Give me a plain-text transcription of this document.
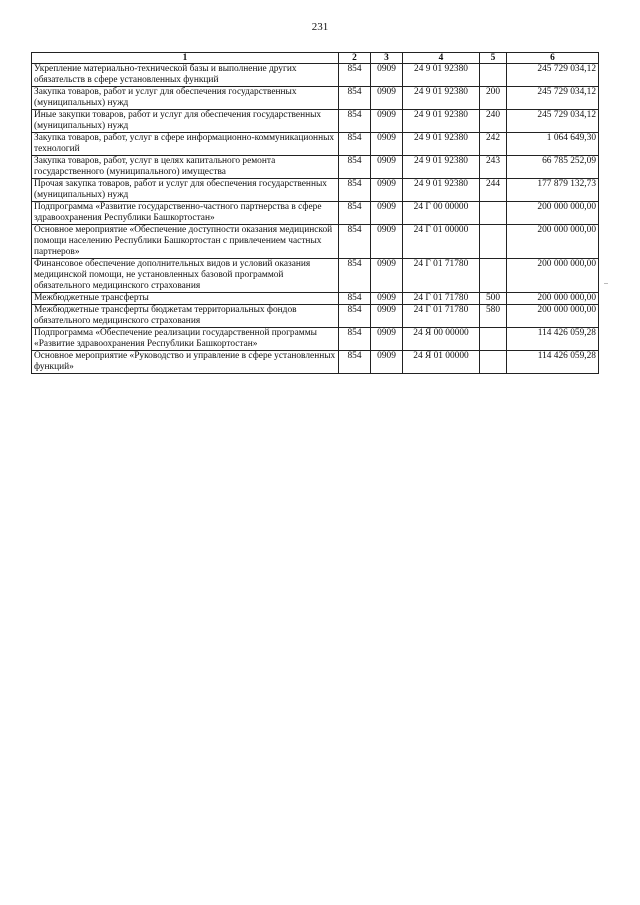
231
1	2	3	4	5	6
Укрепление материально-технической базы и выполнение других обязательств в сфере установленных функций	854	0909	24 9 01 92380		245 729 034,12
Закупка товаров, работ и услуг для обеспечения государственных (муниципальных) нужд	854	0909	24 9 01 92380	200	245 729 034,12
Иные закупки товаров, работ и услуг для обеспечения государственных (муниципальных) нужд	854	0909	24 9 01 92380	240	245 729 034,12
Закупка товаров, работ, услуг в сфере информационно-коммуникационных технологий	854	0909	24 9 01 92380	242	1 064 649,30
Закупка товаров, работ, услуг в целях капитального ремонта государственного (муниципального) имущества	854	0909	24 9 01 92380	243	66 785 252,09
Прочая закупка товаров, работ и услуг для обеспечения государственных (муниципальных) нужд	854	0909	24 9 01 92380	244	177 879 132,73
Подпрограмма «Развитие государственно-частного партнерства в сфере здравоохранения Республики Башкортостан»	854	0909	24 Г 00 00000		200 000 000,00
Основное мероприятие «Обеспечение доступности оказания медицинской помощи населению Республики Башкортостан с привлечением частных партнеров»	854	0909	24 Г 01 00000		200 000 000,00
Финансовое обеспечение дополнительных видов и условий оказания медицинской помощи, не установленных базовой программой обязательного медицинского страхования	854	0909	24 Г 01 71780		200 000 000,00
Межбюджетные трансферты	854	0909	24 Г 01 71780	500	200 000 000,00
Межбюджетные трансферты бюджетам территориальных фондов обязательного медицинского страхования	854	0909	24 Г 01 71780	580	200 000 000,00
Подпрограмма «Обеспечение реализации государственной программы «Развитие здравоохранения Республики Башкортостан»	854	0909	24 Я 00 00000		114 426 059,28
Основное мероприятие «Руководство и управление в сфере установленных функций»	854	0909	24 Я 01 00000		114 426 059,28
